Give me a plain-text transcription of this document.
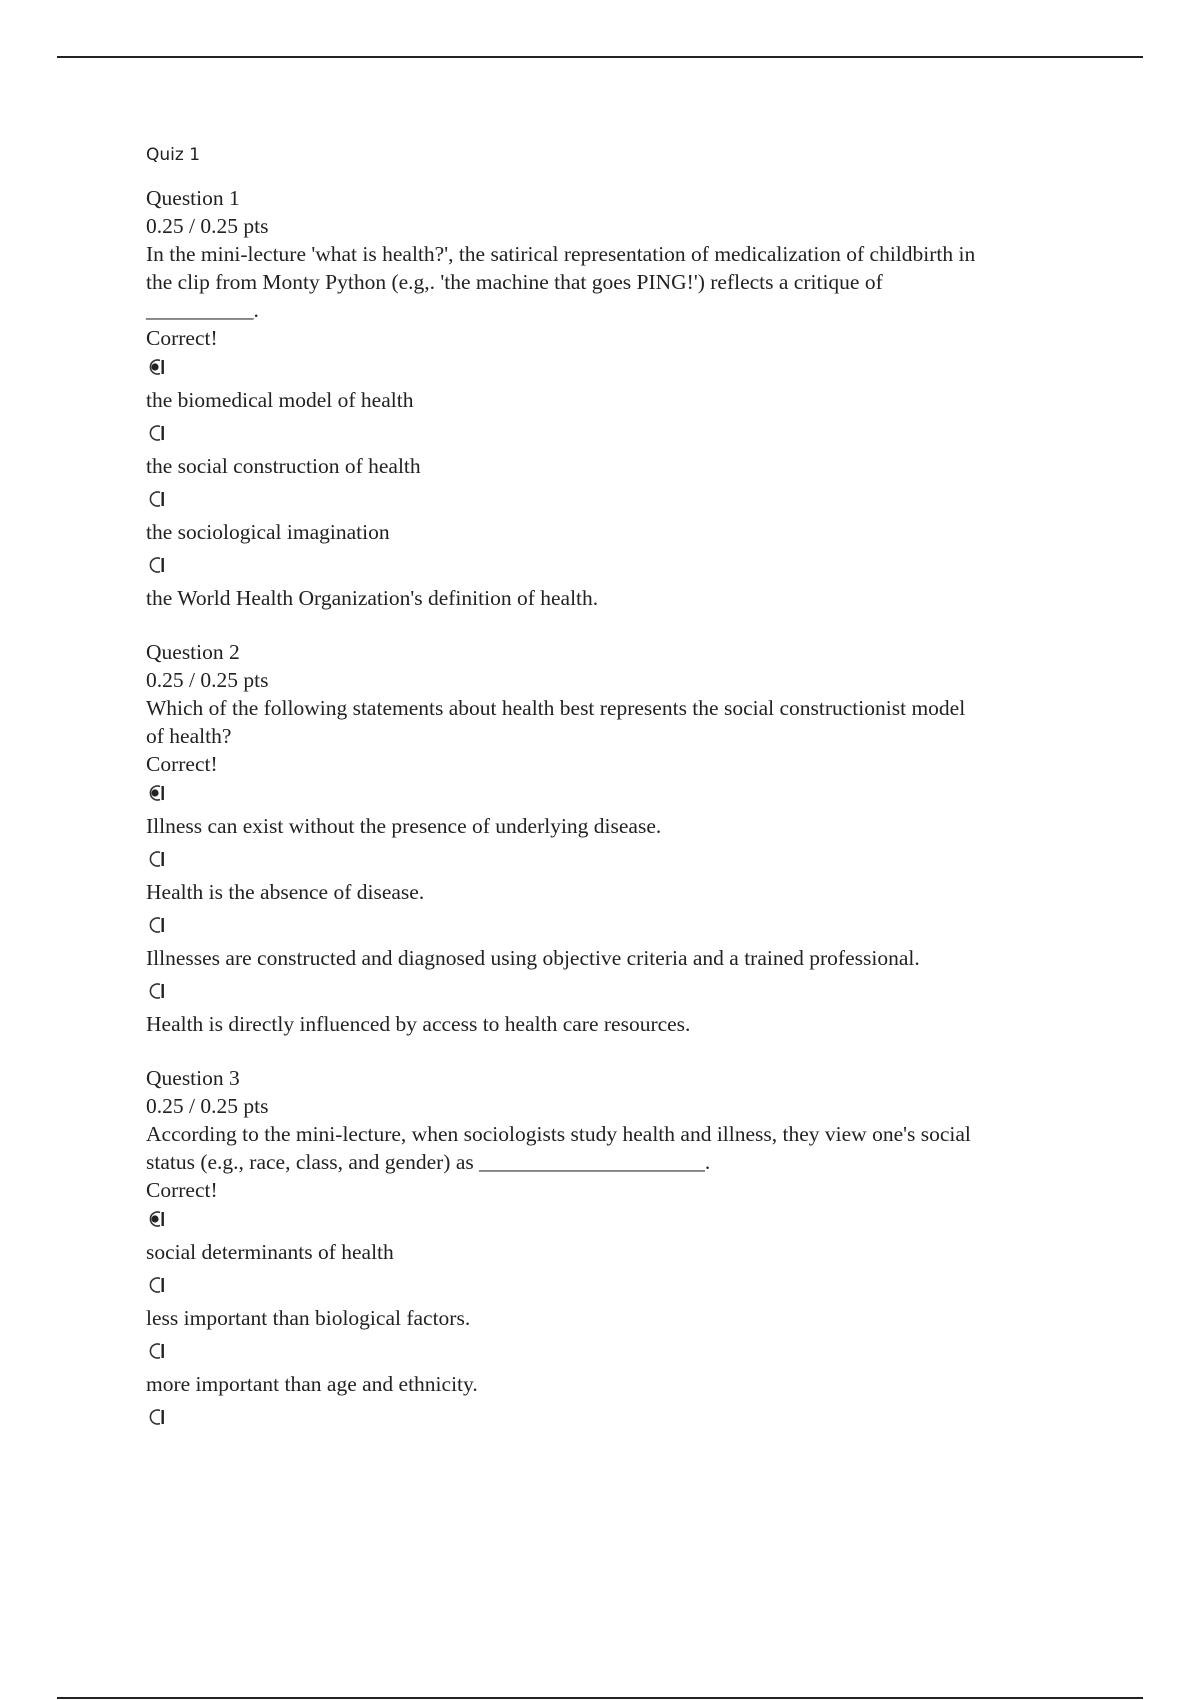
Quiz 1
Question 1
0.25 / 0.25 pts
In the mini-lecture 'what is health?', the satirical representation of medicalization of childbirth in
the clip from Monty Python (e.g,. 'the machine that goes PING!') reflects a critique of
__________.
Correct!
the biomedical model of health
the social construction of health
the sociological imagination
the World Health Organization's definition of health.
Question 2
0.25 / 0.25 pts
Which of the following statements about health best represents the social constructionist model
of health?
Correct!
Illness can exist without the presence of underlying disease.
Health is the absence of disease.
Illnesses are constructed and diagnosed using objective criteria and a trained professional.
Health is directly influenced by access to health care resources.
Question 3
0.25 / 0.25 pts
According to the mini-lecture, when sociologists study health and illness, they view one's social
status (e.g., race, class, and gender) as _____________________.
Correct!
social determinants of health
less important than biological factors.
more important than age and ethnicity.
